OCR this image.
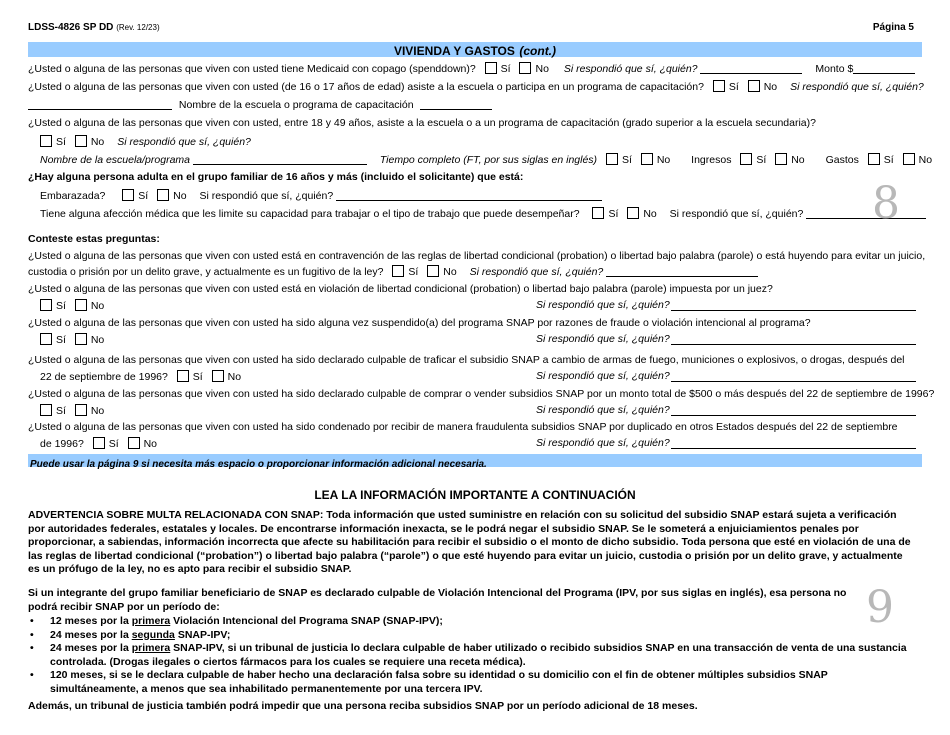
LDSS-4826 SP DD (Rev. 12/23)	Página 5
VIVIENDA Y GASTOS (cont.)
¿Usted o alguna de las personas que viven con usted tiene Medicaid con copago (spenddown)? Sí No Si respondió que sí, ¿quién?	Monto $
¿Usted o alguna de las personas que viven con usted (de 16 o 17 años de edad) asiste a la escuela o participa en un programa de capacitación? Sí No Si respondió que sí, ¿quién?
Nombre de la escuela o programa de capacitación
¿Usted o alguna de las personas que viven con usted, entre 18 y 49 años, asiste a la escuela o a un programa de capacitación (grado superior a la escuela secundaria)?
Sí No Si respondió que sí, ¿quién?
Nombre de la escuela/programa	Tiempo completo (FT, por sus siglas en inglés) Sí No Ingresos Sí No Gastos Sí No
¿Hay alguna persona adulta en el grupo familiar de 16 años y más (incluido el solicitante) que está:
Embarazada?	Sí No Si respondió que sí, ¿quién?
Tiene alguna afección médica que les limite su capacidad para trabajar o el tipo de trabajo que puede desempeñar?	Sí No Si respondió que sí, ¿quién?	8
Conteste estas preguntas:
¿Usted o alguna de las personas que viven con usted está en contravención de las reglas de libertad condicional (probation) o libertad bajo palabra (parole) o está huyendo para evitar un juicio,
custodia o prisión por un delito grave, y actualmente es un fugitivo de la ley? Sí No Si respondió que sí, ¿quién?
¿Usted o alguna de las personas que viven con usted está en violación de libertad condicional (probation) o libertad bajo palabra (parole) impuesta por un juez?
Sí No	Si respondió que sí, ¿quién?
¿Usted o alguna de las personas que viven con usted ha sido alguna vez suspendido(a) del programa SNAP por razones de fraude o violación intencional al programa?
Sí No	Si respondió que sí, ¿quién?
¿Usted o alguna de las personas que viven con usted ha sido declarado culpable de traficar el subsidio SNAP a cambio de armas de fuego, municiones o explosivos, o drogas, después del
22 de septiembre de 1996? Sí No	Si respondió que sí, ¿quién?
¿Usted o alguna de las personas que viven con usted ha sido declarado culpable de comprar o vender subsidios SNAP por un monto total de $500 o más después del 22 de septiembre de 1996?
Sí No	Si respondió que sí, ¿quién?
¿Usted o alguna de las personas que viven con usted ha sido condenado por recibir de manera fraudulenta subsidios SNAP por duplicado en otros Estados después del 22 de septiembre
de 1996? Sí No	Si respondió que sí, ¿quién?
Puede usar la página 9 si necesita más espacio o proporcionar información adicional necesaria.
LEA LA INFORMACIÓN IMPORTANTE A CONTINUACIÓN
ADVERTENCIA SOBRE MULTA RELACIONADA CON SNAP: Toda información que usted suministre en relación con su solicitud del subsidio SNAP estará sujeta a verificación por autoridades federales, estatales y locales. De encontrarse información inexacta, se le podrá negar el subsidio SNAP. Se le someterá a enjuiciamientos penales por proporcionar, a sabiendas, información incorrecta que afecte su habilitación para recibir el subsidio o el monto de dicho subsidio. Toda persona que esté en violación de una de las reglas de libertad condicional (“probation”) o libertad bajo palabra (“parole”) o que esté huyendo para evitar un juicio, custodia o prisión por un delito grave, y actualmente es un prófugo de la ley, no es apto para recibir el subsidio SNAP.
Si un integrante del grupo familiar beneficiario de SNAP es declarado culpable de Violación Intencional del Programa (IPV, por sus siglas en inglés), esa persona no podrá recibir SNAP por un período de:	9
• 12 meses por la primera Violación Intencional del Programa SNAP (SNAP-IPV);
• 24 meses por la segunda SNAP-IPV;
• 24 meses por la primera SNAP-IPV, si un tribunal de justicia lo declara culpable de haber utilizado o recibido subsidios SNAP en una transacción de venta de una sustancia controlada. (Drogas ilegales o ciertos fármacos para los cuales se requiere una receta médica).
• 120 meses, si se le declara culpable de haber hecho una declaración falsa sobre su identidad o su domicilio con el fin de obtener múltiples subsidios SNAP simultáneamente, a menos que sea inhabilitado permanentemente por una tercera IPV.
Además, un tribunal de justicia también podrá impedir que una persona reciba subsidios SNAP por un período adicional de 18 meses.
